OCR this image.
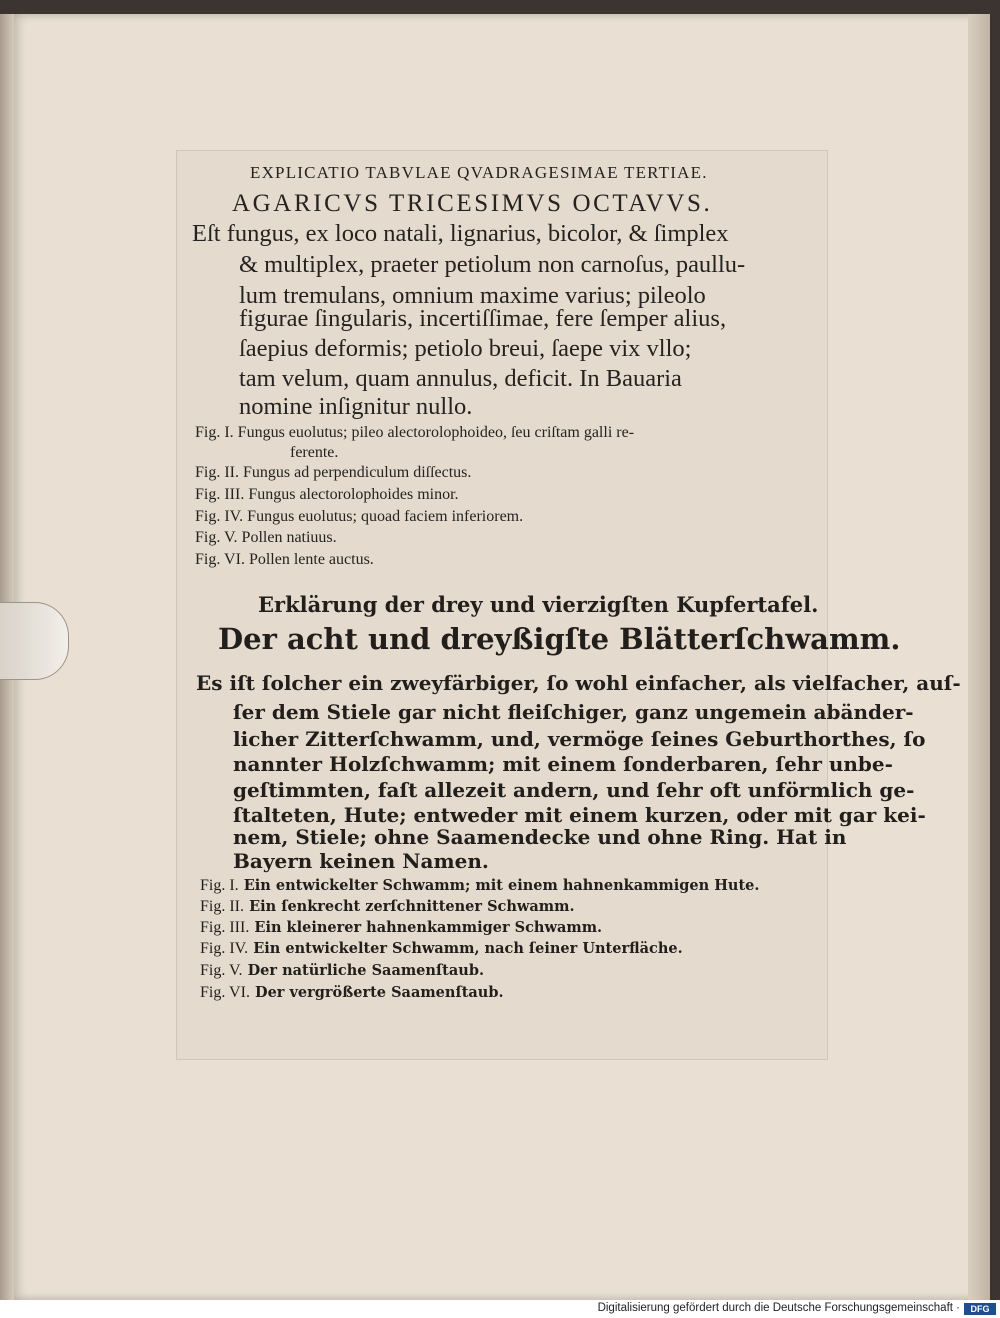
EXPLICATIO TABVLAE QVADRAGESIMAE TERTIAE.
AGARICVS TRICESIMVS OCTAVVS.
Eſt fungus, ex loco natali, lignarius, bicolor, & ſimplex
& multiplex, praeter petiolum non carnoſus, paullu-
lum tremulans, omnium maxime varius; pileolo
figurae ſingularis, incertiſſimae, fere ſemper alius,
ſaepius deformis; petiolo breui, ſaepe vix vllo;
tam velum, quam annulus, deficit. In Bauaria
nomine inſignitur nullo.
Fig. I. Fungus euolutus; pileo alectorolophoideo, ſeu criſtam galli re-
ferente.
Fig. II. Fungus ad perpendiculum diſſectus.
Fig. III. Fungus alectorolophoides minor.
Fig. IV. Fungus euolutus; quoad faciem inferiorem.
Fig. V. Pollen natiuus.
Fig. VI. Pollen lente auctus.
Erklärung der drey und vierzigſten Kupfertafel.
Der acht und dreyßigſte Blätterſchwamm.
Es iſt ſolcher ein zweyfärbiger, ſo wohl einfacher, als vielfacher, auſ-
ſer dem Stiele gar nicht fleiſchiger, ganz ungemein abänder-
licher Zitterſchwamm, und, vermöge ſeines Geburthorthes, ſo
nannter Holzſchwamm; mit einem ſonderbaren, ſehr unbe-
geſtimmten, faſt allezeit andern, und ſehr oft unförmlich ge-
ſtalteten, Hute; entweder mit einem kurzen, oder mit gar kei-
nem, Stiele; ohne Saamendecke und ohne Ring. Hat in
Bayern keinen Namen.
Fig. I. Ein entwickelter Schwamm; mit einem hahnenkammigen Hute.
Fig. II. Ein ſenkrecht zerſchnittener Schwamm.
Fig. III. Ein kleinerer hahnenkammiger Schwamm.
Fig. IV. Ein entwickelter Schwamm, nach ſeiner Unterfläche.
Fig. V. Der natürliche Saamenſtaub.
Fig. VI. Der vergrößerte Saamenſtaub.
Digitalisierung gefördert durch die Deutsche Forschungsgemeinschaft ·	DFG
